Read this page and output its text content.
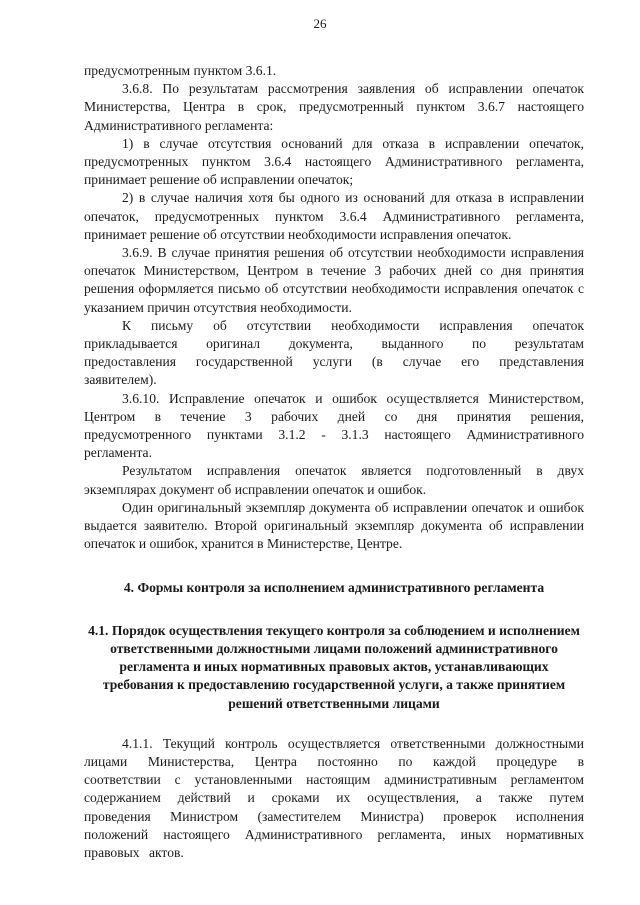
26

предусмотренным пунктом 3.6.1.

3.6.8. По результатам рассмотрения заявления об исправлении опечаток Министерства, Центра в срок, предусмотренный пунктом 3.6.7 настоящего Административного регламента:

1) в случае отсутствия оснований для отказа в исправлении опечаток, предусмотренных пунктом 3.6.4 настоящего Административного регламента, принимает решение об исправлении опечаток;

2) в случае наличия хотя бы одного из оснований для отказа в исправлении опечаток, предусмотренных пунктом 3.6.4 Административного регламента, принимает решение об отсутствии необходимости исправления опечаток.

3.6.9. В случае принятия решения об отсутствии необходимости исправления опечаток Министерством, Центром в течение 3 рабочих дней со дня принятия решения оформляется письмо об отсутствии необходимости исправления опечаток с указанием причин отсутствия необходимости.

К письму об отсутствии необходимости исправления опечаток прикладывается оригинал документа, выданного по результатам предоставления государственной услуги (в случае его представления заявителем).

3.6.10. Исправление опечаток и ошибок осуществляется Министерством, Центром в течение 3 рабочих дней со дня принятия решения, предусмотренного пунктами 3.1.2 - 3.1.3 настоящего Административного регламента.

Результатом исправления опечаток является подготовленный в двух экземплярах документ об исправлении опечаток и ошибок.

Один оригинальный экземпляр документа об исправлении опечаток и ошибок выдается заявителю. Второй оригинальный экземпляр документа об исправлении опечаток и ошибок, хранится в Министерстве, Центре.

4. Формы контроля за исполнением административного регламента

4.1. Порядок осуществления текущего контроля за соблюдением и исполнением ответственными должностными лицами положений административного регламента и иных нормативных правовых актов, устанавливающих требования к предоставлению государственной услуги, а также принятием решений ответственными лицами

4.1.1. Текущий контроль осуществляется ответственными должностными лицами Министерства, Центра постоянно по каждой процедуре в соответствии с установленными настоящим административным регламентом содержанием действий и сроками их осуществления, а также путем проведения Министром (заместителем Министра) проверок исполнения положений настоящего Административного регламента, иных нормативных правовых актов.
